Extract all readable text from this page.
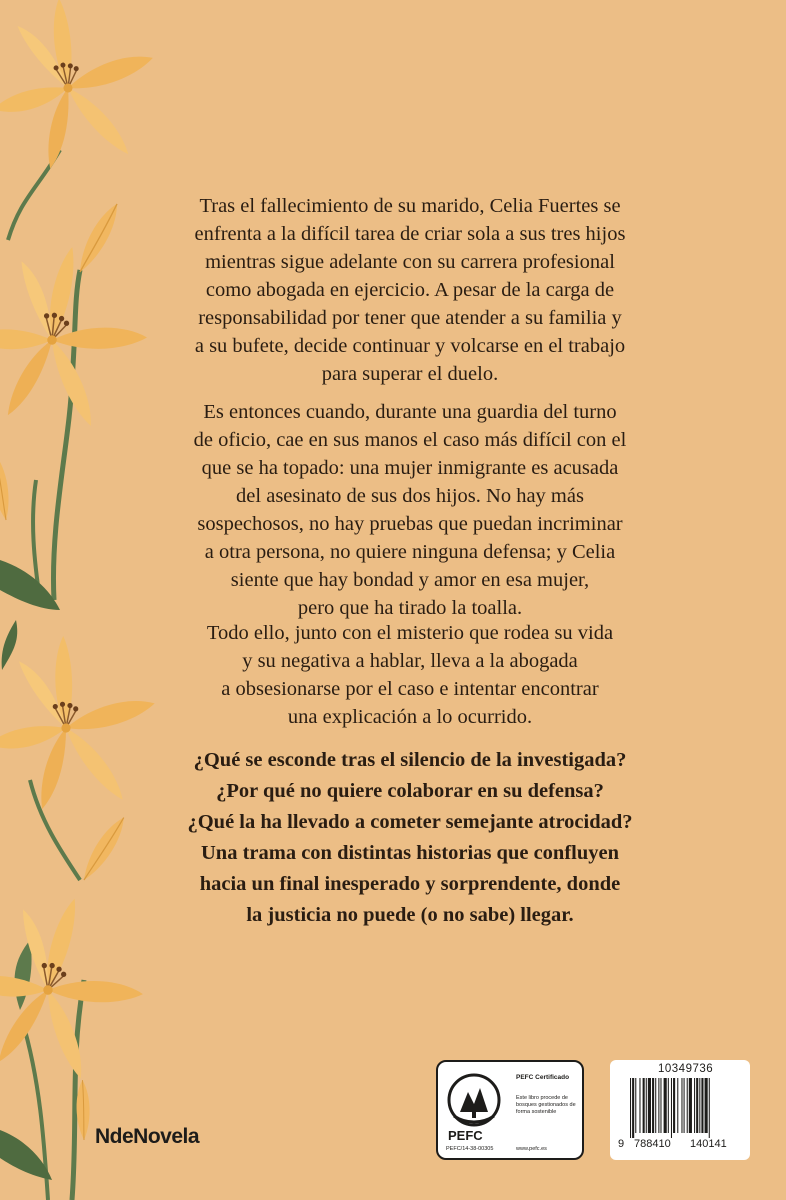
Tras el fallecimiento de su marido, Celia Fuertes se
enfrenta a la difícil tarea de criar sola a sus tres hijos
mientras sigue adelante con su carrera profesional
como abogada en ejercicio. A pesar de la carga de
responsabilidad por tener que atender a su familia y
a su bufete, decide continuar y volcarse en el trabajo
para superar el duelo.

Es entonces cuando, durante una guardia del turno
de oficio, cae en sus manos el caso más difícil con el
que se ha topado: una mujer inmigrante es acusada
del asesinato de sus dos hijos. No hay más
sospechosos, no hay pruebas que puedan incriminar
a otra persona, no quiere ninguna defensa; y Celia
siente que hay bondad y amor en esa mujer,
pero que ha tirado la toalla.

Todo ello, junto con el misterio que rodea su vida
y su negativa a hablar, lleva a la abogada
a obsesionarse por el caso e intentar encontrar
una explicación a lo ocurrido.

¿Qué se esconde tras el silencio de la investigada?
¿Por qué no quiere colaborar en su defensa?
¿Qué la ha llevado a cometer semejante atrocidad?
Una trama con distintas historias que confluyen
hacia un final inesperado y sorprendente, donde
la justicia no puede (o no sabe) llegar.

NdeNovela	PEFC
PEFC/14-38-00305
PEFC Certificado
Este libro procede de bosques gestionados de forma sostenible
www.pefc.es
10349736
9 788410 140141
